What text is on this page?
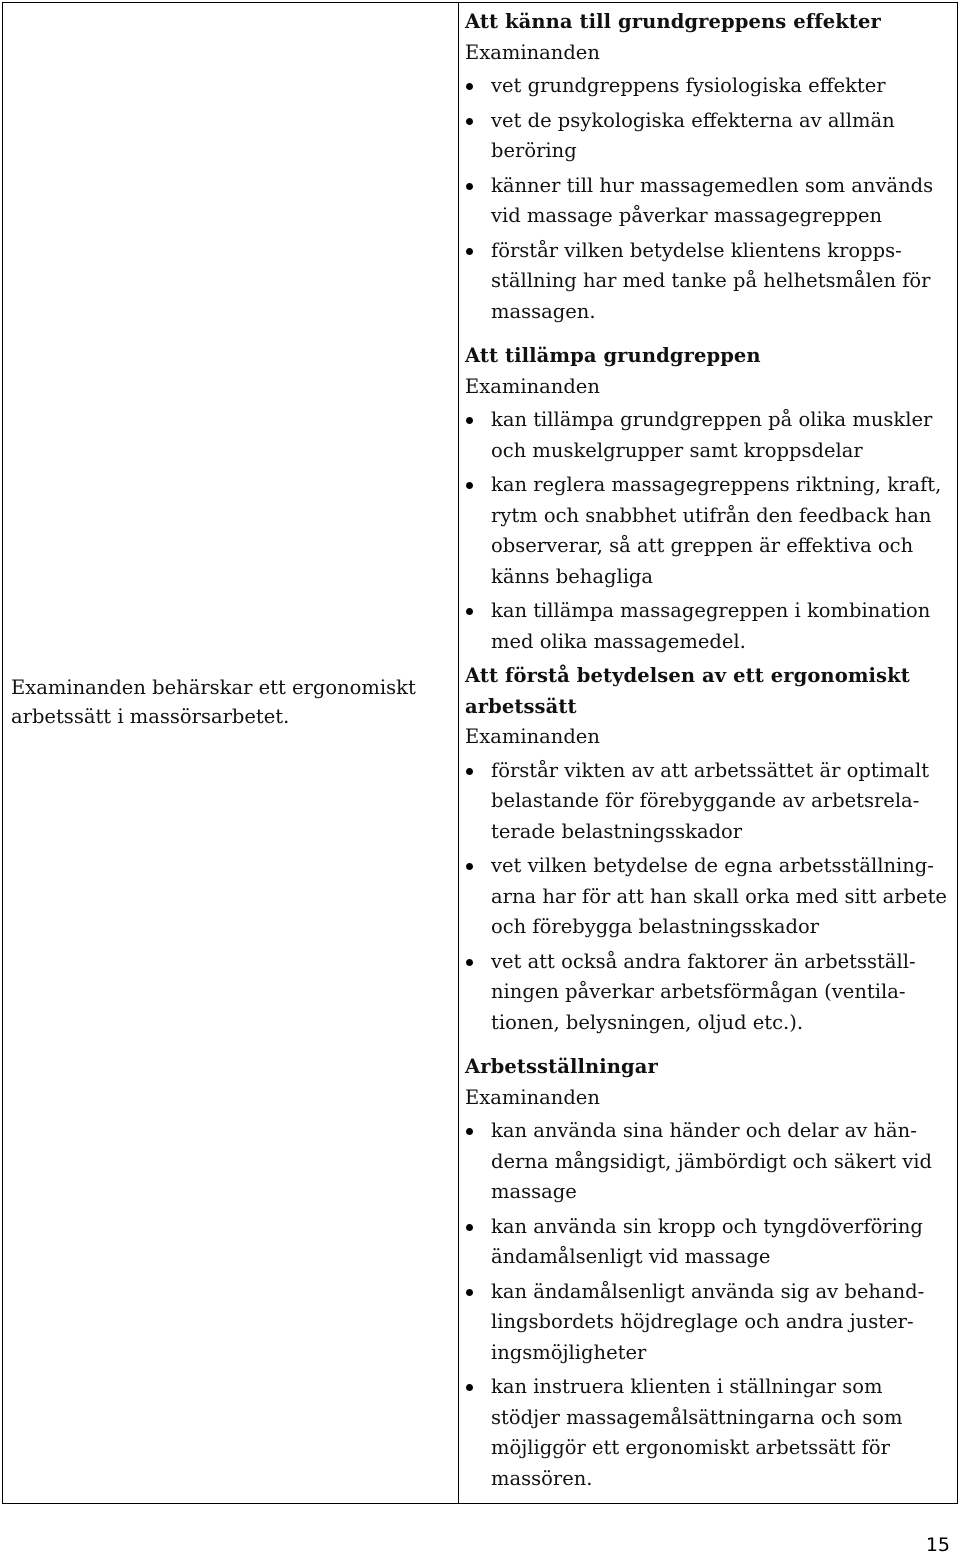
Examinanden behärskar ett ergonomiskt arbetssätt i massörsarbetet.
Att känna till grundgreppens effekter
Examinanden
vet grundgreppens fysiologiska effekter
vet de psykologiska effekterna av allmän beröring
känner till hur massagemedlen som används vid massage påverkar massagegreppen
förstår vilken betydelse klientens kroppsställning har med tanke på helhetsmålen för massagen.
Att tillämpa grundgreppen
Examinanden
kan tillämpa grundgreppen på olika muskler och muskelgrupper samt kroppsdelar
kan reglera massagegreppens riktning, kraft, rytm och snabbhet utifrån den feedback han observerar, så att greppen är effektiva och känns behagliga
kan tillämpa massagegreppen i kombination med olika massagemedel.
Att förstå betydelsen av ett ergonomiskt arbetssätt
Examinanden
förstår vikten av att arbetssättet är optimalt belastande för förebyggande av arbetsrelaterade belastningsskador
vet vilken betydelse de egna arbetsställningarna har för att han skall orka med sitt arbete och förebygga belastningsskador
vet att också andra faktorer än arbetsställningen påverkar arbetsförmågan (ventilationen, belysningen, oljud etc.).
Arbetsställningar
Examinanden
kan använda sina händer och delar av händerna mångsidigt, jämbördigt och säkert vid massage
kan använda sin kropp och tyngdöverföring ändamålsenligt vid massage
kan ändamålsenligt använda sig av behandlingsbordets höjdreglage och andra justeringsmöjligheter
kan instruera klienten i ställningar som stödjer massagemålsättningarna och som möjliggör ett ergonomiskt arbetssätt för massören.
15
